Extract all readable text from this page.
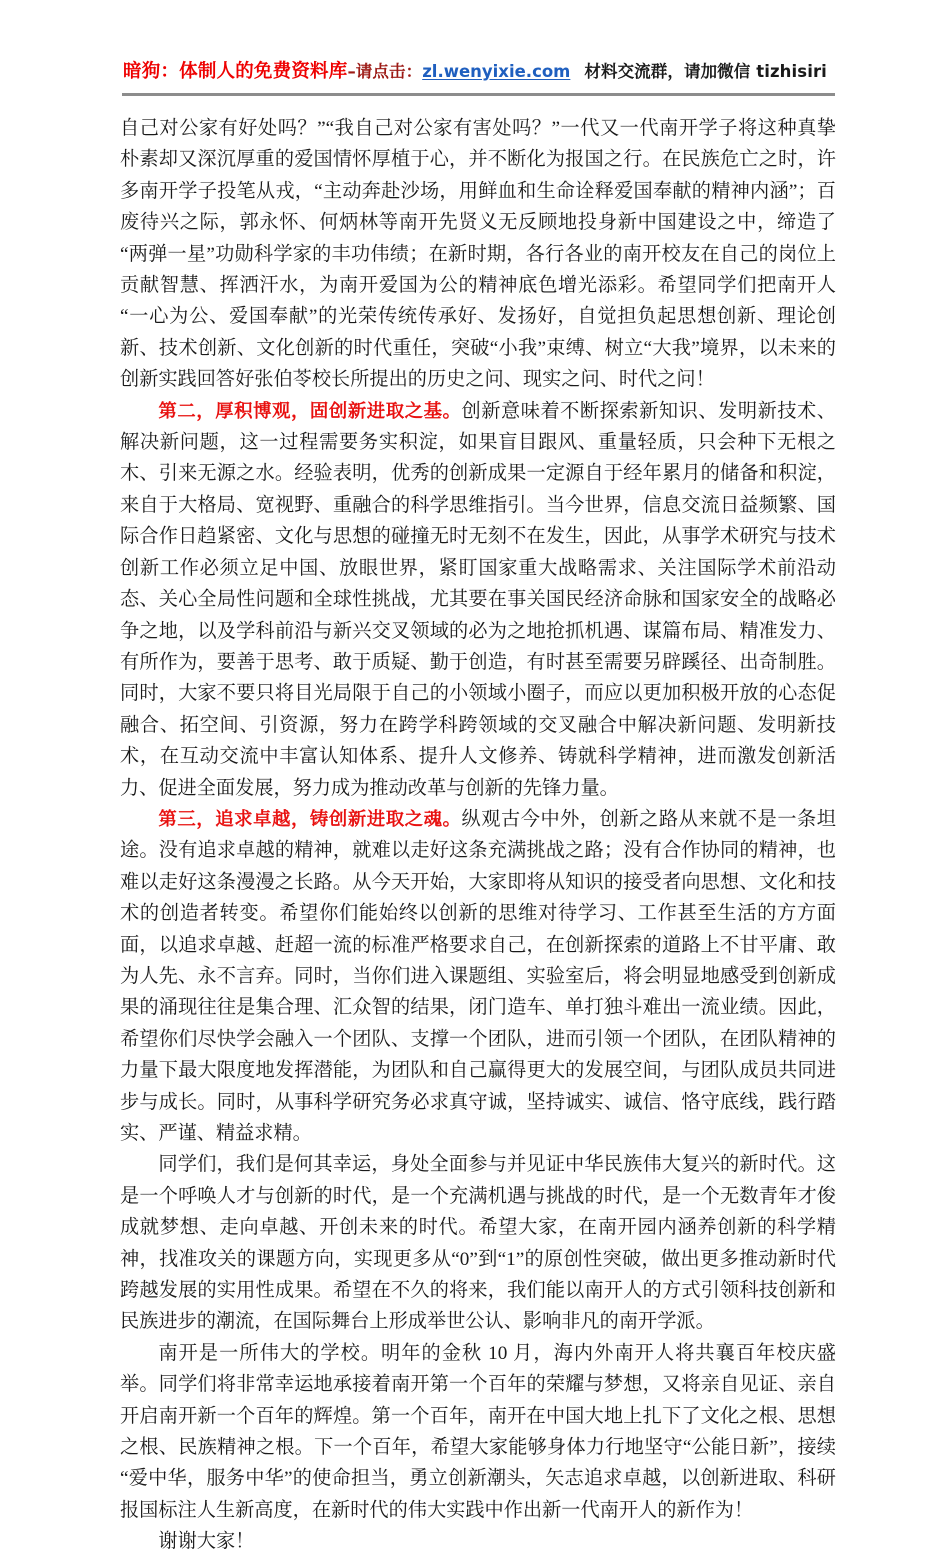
暗狗：体制人的免费资料库–请点击：zl.wenyixie.com 材料交流群，请加微信 tizhisiri

自己对公家有好处吗？”“我自己对公家有害处吗？”一代又一代南开学子将这种真挚朴素却又深沉厚重的爱国情怀厚植于心，并不断化为报国之行。在民族危亡之时，许多南开学子投笔从戎，“主动奔赴沙场，用鲜血和生命诠释爱国奉献的精神内涵”；百废待兴之际，郭永怀、何炳林等南开先贤义无反顾地投身新中国建设之中，缔造了“两弹一星”功勋科学家的丰功伟绩；在新时期，各行各业的南开校友在自己的岗位上贡献智慧、挥洒汗水，为南开爱国为公的精神底色增光添彩。希望同学们把南开人“一心为公、爱国奉献”的光荣传统传承好、发扬好，自觉担负起思想创新、理论创新、技术创新、文化创新的时代重任，突破“小我”束缚、树立“大我”境界，以未来的创新实践回答好张伯苓校长所提出的历史之问、现实之问、时代之问！

第二，厚积博观，固创新进取之基。创新意味着不断探索新知识、发明新技术、解决新问题，这一过程需要务实积淀，如果盲目跟风、重量轻质，只会种下无根之木、引来无源之水。经验表明，优秀的创新成果一定源自于经年累月的储备和积淀，来自于大格局、宽视野、重融合的科学思维指引。当今世界，信息交流日益频繁、国际合作日趋紧密、文化与思想的碰撞无时无刻不在发生，因此，从事学术研究与技术创新工作必须立足中国、放眼世界，紧盯国家重大战略需求、关注国际学术前沿动态、关心全局性问题和全球性挑战，尤其要在事关国民经济命脉和国家安全的战略必争之地，以及学科前沿与新兴交叉领域的必为之地抢抓机遇、谋篇布局、精准发力、有所作为，要善于思考、敢于质疑、勤于创造，有时甚至需要另辟蹊径、出奇制胜。同时，大家不要只将目光局限于自己的小领域小圈子，而应以更加积极开放的心态促融合、拓空间、引资源，努力在跨学科跨领域的交叉融合中解决新问题、发明新技术，在互动交流中丰富认知体系、提升人文修养、铸就科学精神，进而激发创新活力、促进全面发展，努力成为推动改革与创新的先锋力量。

第三，追求卓越，铸创新进取之魂。纵观古今中外，创新之路从来就不是一条坦途。没有追求卓越的精神，就难以走好这条充满挑战之路；没有合作协同的精神，也难以走好这条漫漫之长路。从今天开始，大家即将从知识的接受者向思想、文化和技术的创造者转变。希望你们能始终以创新的思维对待学习、工作甚至生活的方方面面，以追求卓越、赶超一流的标准严格要求自己，在创新探索的道路上不甘平庸、敢为人先、永不言弃。同时，当你们进入课题组、实验室后，将会明显地感受到创新成果的涌现往往是集合理、汇众智的结果，闭门造车、单打独斗难出一流业绩。因此，希望你们尽快学会融入一个团队、支撑一个团队，进而引领一个团队，在团队精神的力量下最大限度地发挥潜能，为团队和自己赢得更大的发展空间，与团队成员共同进步与成长。同时，从事科学研究务必求真守诚，坚持诚实、诚信、恪守底线，践行踏实、严谨、精益求精。

同学们，我们是何其幸运，身处全面参与并见证中华民族伟大复兴的新时代。这是一个呼唤人才与创新的时代，是一个充满机遇与挑战的时代，是一个无数青年才俊成就梦想、走向卓越、开创未来的时代。希望大家，在南开园内涵养创新的科学精神，找准攻关的课题方向，实现更多从“0”到“1”的原创性突破，做出更多推动新时代跨越发展的实用性成果。希望在不久的将来，我们能以南开人的方式引领科技创新和民族进步的潮流，在国际舞台上形成举世公认、影响非凡的南开学派。

南开是一所伟大的学校。明年的金秋 10 月，海内外南开人将共襄百年校庆盛举。同学们将非常幸运地承接着南开第一个百年的荣耀与梦想，又将亲自见证、亲自开启南开新一个百年的辉煌。第一个百年，南开在中国大地上扎下了文化之根、思想之根、民族精神之根。下一个百年，希望大家能够身体力行地坚守“公能日新”，接续“爱中华，服务中华”的使命担当，勇立创新潮头，矢志追求卓越，以创新进取、科研报国标注人生新高度，在新时代的伟大实践中作出新一代南开人的新作为！

谢谢大家！
